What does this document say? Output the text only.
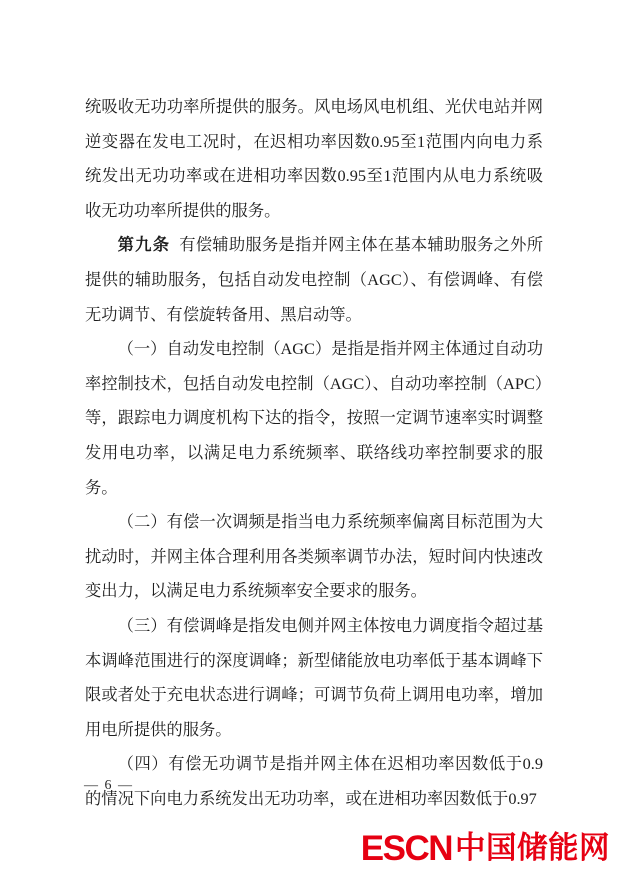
统吸收无功功率所提供的服务。风电场风电机组、光伏电站并网逆变器在发电工况时，在迟相功率因数0.95至1范围内向电力系统发出无功功率或在进相功率因数0.95至1范围内从电力系统吸收无功功率所提供的服务。

第九条 有偿辅助服务是指并网主体在基本辅助服务之外所提供的辅助服务，包括自动发电控制（AGC）、有偿调峰、有偿无功调节、有偿旋转备用、黑启动等。

（一）自动发电控制（AGC）是指是指并网主体通过自动功率控制技术，包括自动发电控制（AGC）、自动功率控制（APC）等，跟踪电力调度机构下达的指令，按照一定调节速率实时调整发用电功率，以满足电力系统频率、联络线功率控制要求的服务。

（二）有偿一次调频是指当电力系统频率偏离目标范围为大扰动时，并网主体合理利用各类频率调节办法，短时间内快速改变出力，以满足电力系统频率安全要求的服务。

（三）有偿调峰是指发电侧并网主体按电力调度指令超过基本调峰范围进行的深度调峰；新型储能放电功率低于基本调峰下限或者处于充电状态进行调峰；可调节负荷上调用电功率，增加用电所提供的服务。

（四）有偿无功调节是指并网主体在迟相功率因数低于0.9的情况下向电力系统发出无功功率，或在进相功率因数低于0.97

— 6 —
ESCN 中国储能网
